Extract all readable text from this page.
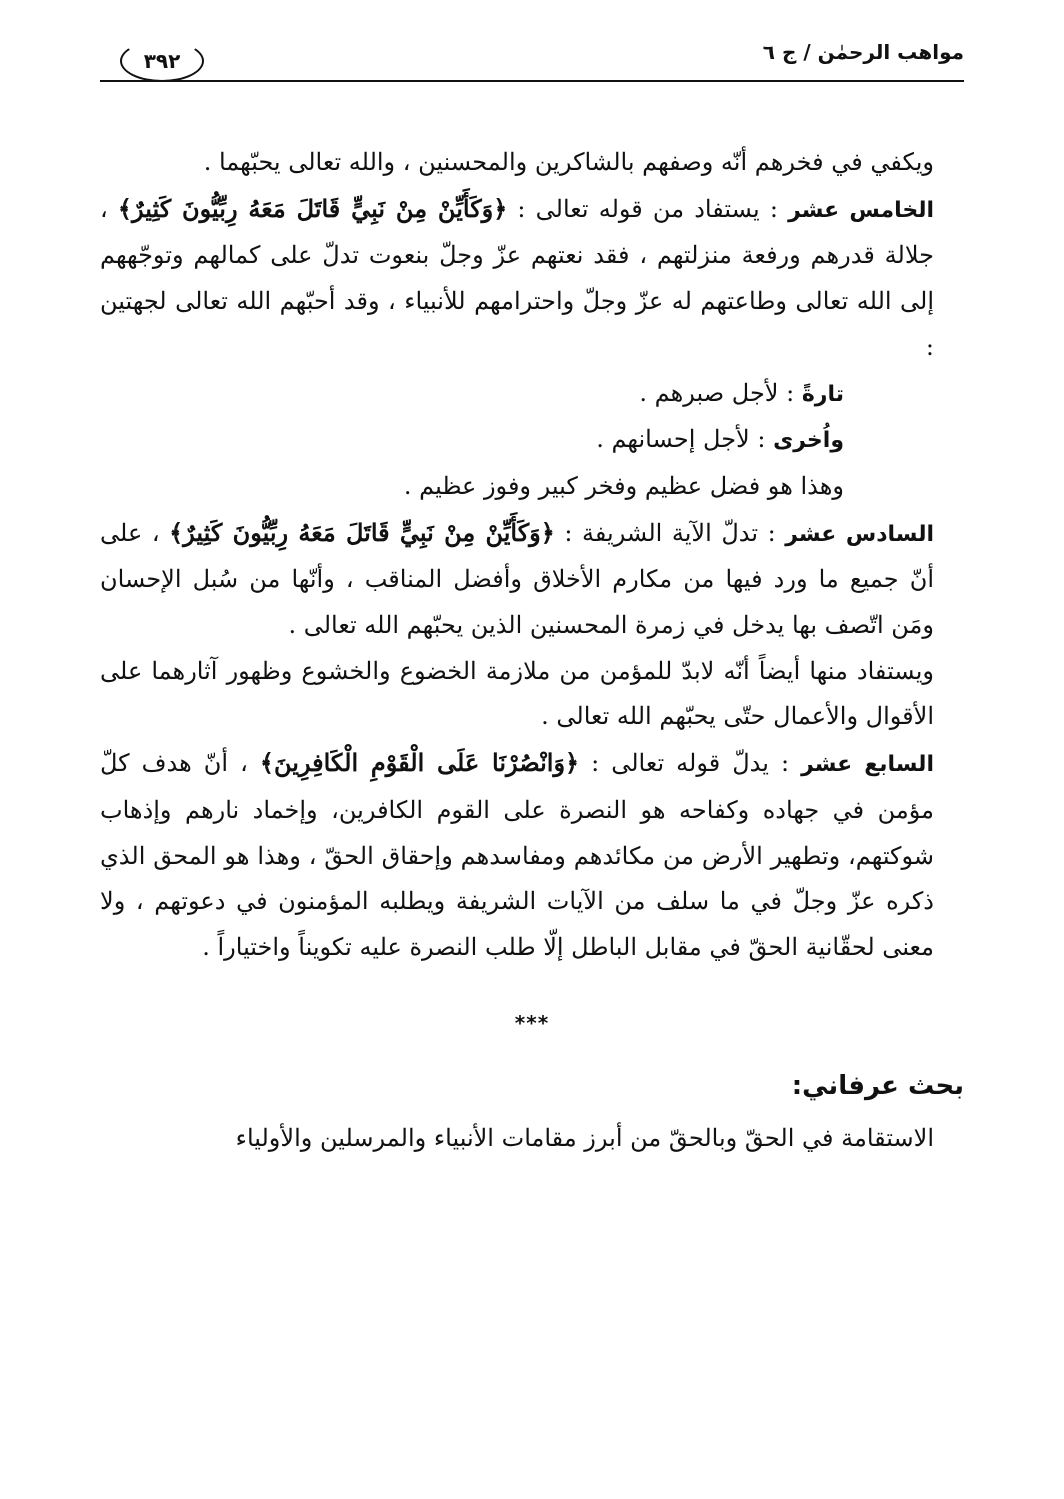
مواهب الرحمٰن / ج ٦
٣٩٢

ويكفي في فخرهم أنّه وصفهم بالشاكرين والمحسنين ، والله تعالى يحبّهما .

الخامس عشر : يستفاد من قوله تعالى : ﴿وَكَأَيِّنْ مِنْ نَبِيٍّ قَاتَلَ مَعَهُ رِبِّيُّونَ كَثِيرٌ﴾ ، جلالة قدرهم ورفعة منزلتهم ، فقد نعتهم عزّ وجلّ بنعوت تدلّ على كمالهم وتوجّههم إلى الله تعالى وطاعتهم له عزّ وجلّ واحترامهم للأنبياء ، وقد أحبّهم الله تعالى لجهتين :

تارةً : لأجل صبرهم .

واُخرى : لأجل إحسانهم .

وهذا هو فضل عظيم وفخر كبير وفوز عظيم .

السادس عشر : تدلّ الآية الشريفة : ﴿وَكَأَيِّنْ مِنْ نَبِيٍّ قَاتَلَ مَعَهُ رِبِّيُّونَ كَثِيرٌ﴾ ، على أنّ جميع ما ورد فيها من مكارم الأخلاق وأفضل المناقب ، وأنّها من سُبل الإحسان ومَن اتّصف بها يدخل في زمرة المحسنين الذين يحبّهم الله تعالى .

ويستفاد منها أيضاً أنّه لابدّ للمؤمن من ملازمة الخضوع والخشوع وظهور آثارهما على الأقوال والأعمال حتّى يحبّهم الله تعالى .

السابع عشر : يدلّ قوله تعالى : ﴿وَانْصُرْنَا عَلَى الْقَوْمِ الْكَافِرِينَ﴾ ، أنّ هدف كلّ مؤمن في جهاده وكفاحه هو النصرة على القوم الكافرين، وإخماد نارهم وإذهاب شوكتهم، وتطهير الأرض من مكائدهم ومفاسدهم وإحقاق الحقّ ، وهذا هو المحق الذي ذكره عزّ وجلّ في ما سلف من الآيات الشريفة ويطلبه المؤمنون في دعوتهم ، ولا معنى لحقّانية الحقّ في مقابل الباطل إلّا طلب النصرة عليه تكويناً واختياراً .

***

بحث عرفاني:

الاستقامة في الحقّ وبالحقّ من أبرز مقامات الأنبياء والمرسلين والأولياء
